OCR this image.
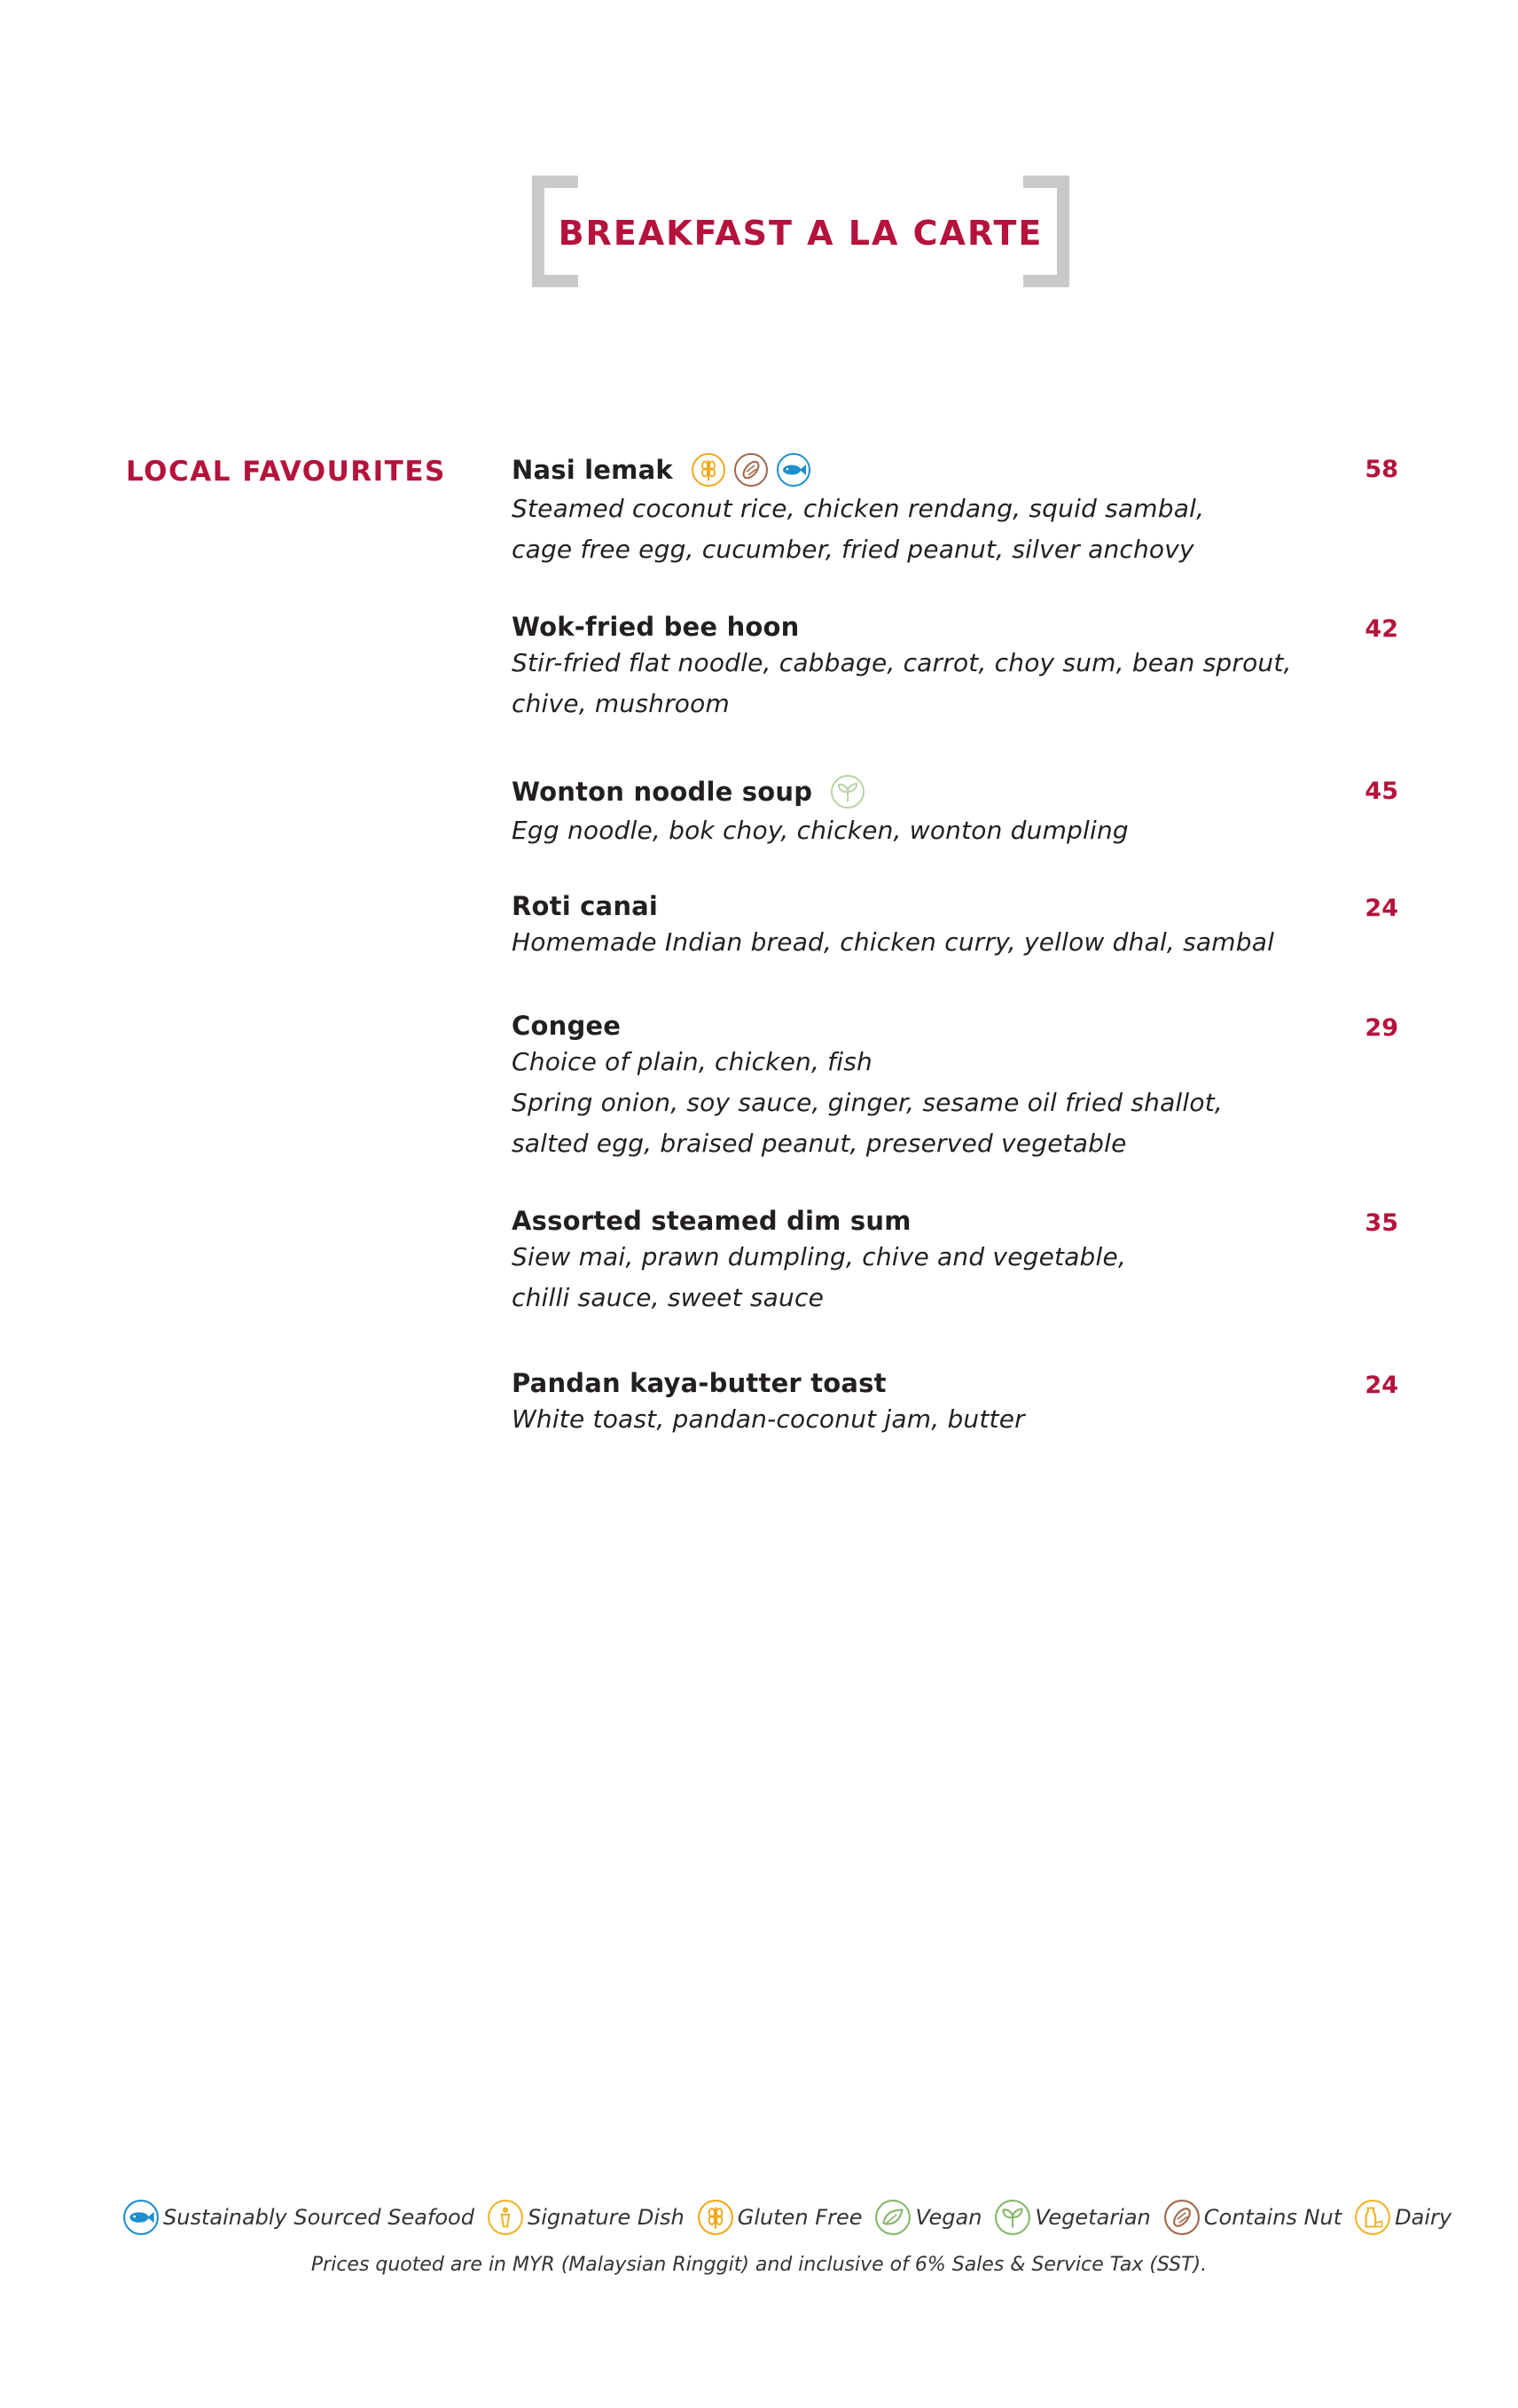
BREAKFAST A LA CARTE
LOCAL FAVOURITES	Nasi lemak	58
Steamed coconut rice, chicken rendang, squid sambal,
cage free egg, cucumber, fried peanut, silver anchovy
Wok-fried bee hoon	42
Stir-fried flat noodle, cabbage, carrot, choy sum, bean sprout,
chive, mushroom
Wonton noodle soup	45
Egg noodle, bok choy, chicken, wonton dumpling
Roti canai	24
Homemade Indian bread, chicken curry, yellow dhal, sambal
Congee	29
Choice of plain, chicken, fish
Spring onion, soy sauce, ginger, sesame oil fried shallot,
salted egg, braised peanut, preserved vegetable
Assorted steamed dim sum	35
Siew mai, prawn dumpling, chive and vegetable,
chilli sauce, sweet sauce
Pandan kaya-butter toast	24
White toast, pandan-coconut jam, butter
Sustainably Sourced Seafood	Signature Dish	Gluten Free	Vegan	Vegetarian	Contains Nut	Dairy
Prices quoted are in MYR (Malaysian Ringgit) and inclusive of 6% Sales & Service Tax (SST).
